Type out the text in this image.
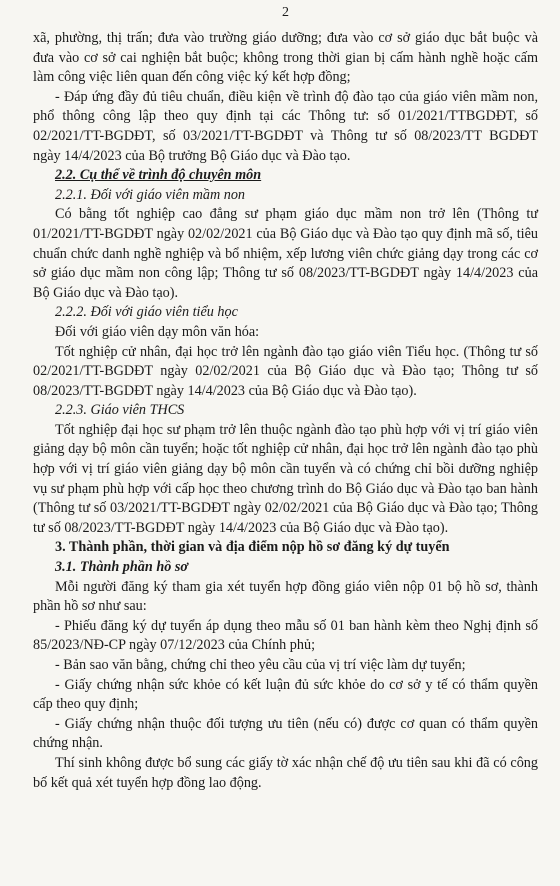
2

xã, phường, thị trấn; đưa vào trường giáo dưỡng; đưa vào cơ sở giáo dục bắt buộc và đưa vào cơ sở cai nghiện bắt buộc; không trong thời gian bị cấm hành nghề hoặc cấm làm công việc liên quan đến công việc ký kết hợp đồng;

- Đáp ứng đầy đủ tiêu chuẩn, điều kiện về trình độ đào tạo của giáo viên mầm non, phổ thông công lập theo quy định tại các Thông tư: số 01/2021/TTBGDĐT, số 02/2021/TT-BGDĐT, số 03/2021/TT-BGDĐT và Thông tư số 08/2023/TT BGDĐT ngày 14/4/2023 của Bộ trưởng Bộ Giáo dục và Đào tạo.

2.2. Cụ thể về trình độ chuyên môn

2.2.1. Đối với giáo viên mầm non

Có bằng tốt nghiệp cao đẳng sư phạm giáo dục mầm non trở lên (Thông tư 01/2021/TT-BGDĐT ngày 02/02/2021 của Bộ Giáo dục và Đào tạo quy định mã số, tiêu chuẩn chức danh nghề nghiệp và bổ nhiệm, xếp lương viên chức giảng dạy trong các cơ sở giáo dục mầm non công lập; Thông tư số 08/2023/TT-BGDĐT ngày 14/4/2023 của Bộ Giáo dục và Đào tạo).

2.2.2. Đối với giáo viên tiểu học

Đối với giáo viên dạy môn văn hóa:

Tốt nghiệp cử nhân, đại học trở lên ngành đào tạo giáo viên Tiểu học. (Thông tư số 02/2021/TT-BGDĐT ngày 02/02/2021 của Bộ Giáo dục và Đào tạo; Thông tư số 08/2023/TT-BGDĐT ngày 14/4/2023 của Bộ Giáo dục và Đào tạo).

2.2.3. Giáo viên THCS

Tốt nghiệp đại học sư phạm trở lên thuộc ngành đào tạo phù hợp với vị trí giáo viên giảng dạy bộ môn cần tuyển; hoặc tốt nghiệp cử nhân, đại học trở lên ngành đào tạo phù hợp với vị trí giáo viên giảng dạy bộ môn cần tuyển và có chứng chỉ bồi dưỡng nghiệp vụ sư phạm phù hợp với cấp học theo chương trình do Bộ Giáo dục và Đào tạo ban hành (Thông tư số 03/2021/TT-BGDĐT ngày 02/02/2021 của Bộ Giáo dục và Đào tạo; Thông tư số 08/2023/TT-BGDĐT ngày 14/4/2023 của Bộ Giáo dục và Đào tạo).

3. Thành phần, thời gian và địa điểm nộp hồ sơ đăng ký dự tuyển

3.1. Thành phần hồ sơ

Mỗi người đăng ký tham gia xét tuyển hợp đồng giáo viên nộp 01 bộ hồ sơ, thành phần hồ sơ như sau:

- Phiếu đăng ký dự tuyển áp dụng theo mẫu số 01 ban hành kèm theo Nghị định số 85/2023/NĐ-CP ngày 07/12/2023 của Chính phủ;

- Bản sao văn bằng, chứng chỉ theo yêu cầu của vị trí việc làm dự tuyển;

- Giấy chứng nhận sức khỏe có kết luận đủ sức khỏe do cơ sở y tế có thẩm quyền cấp theo quy định;

- Giấy chứng nhận thuộc đối tượng ưu tiên (nếu có) được cơ quan có thẩm quyền chứng nhận.

Thí sinh không được bổ sung các giấy tờ xác nhận chế độ ưu tiên sau khi đã có công bố kết quả xét tuyển hợp đồng lao động.
